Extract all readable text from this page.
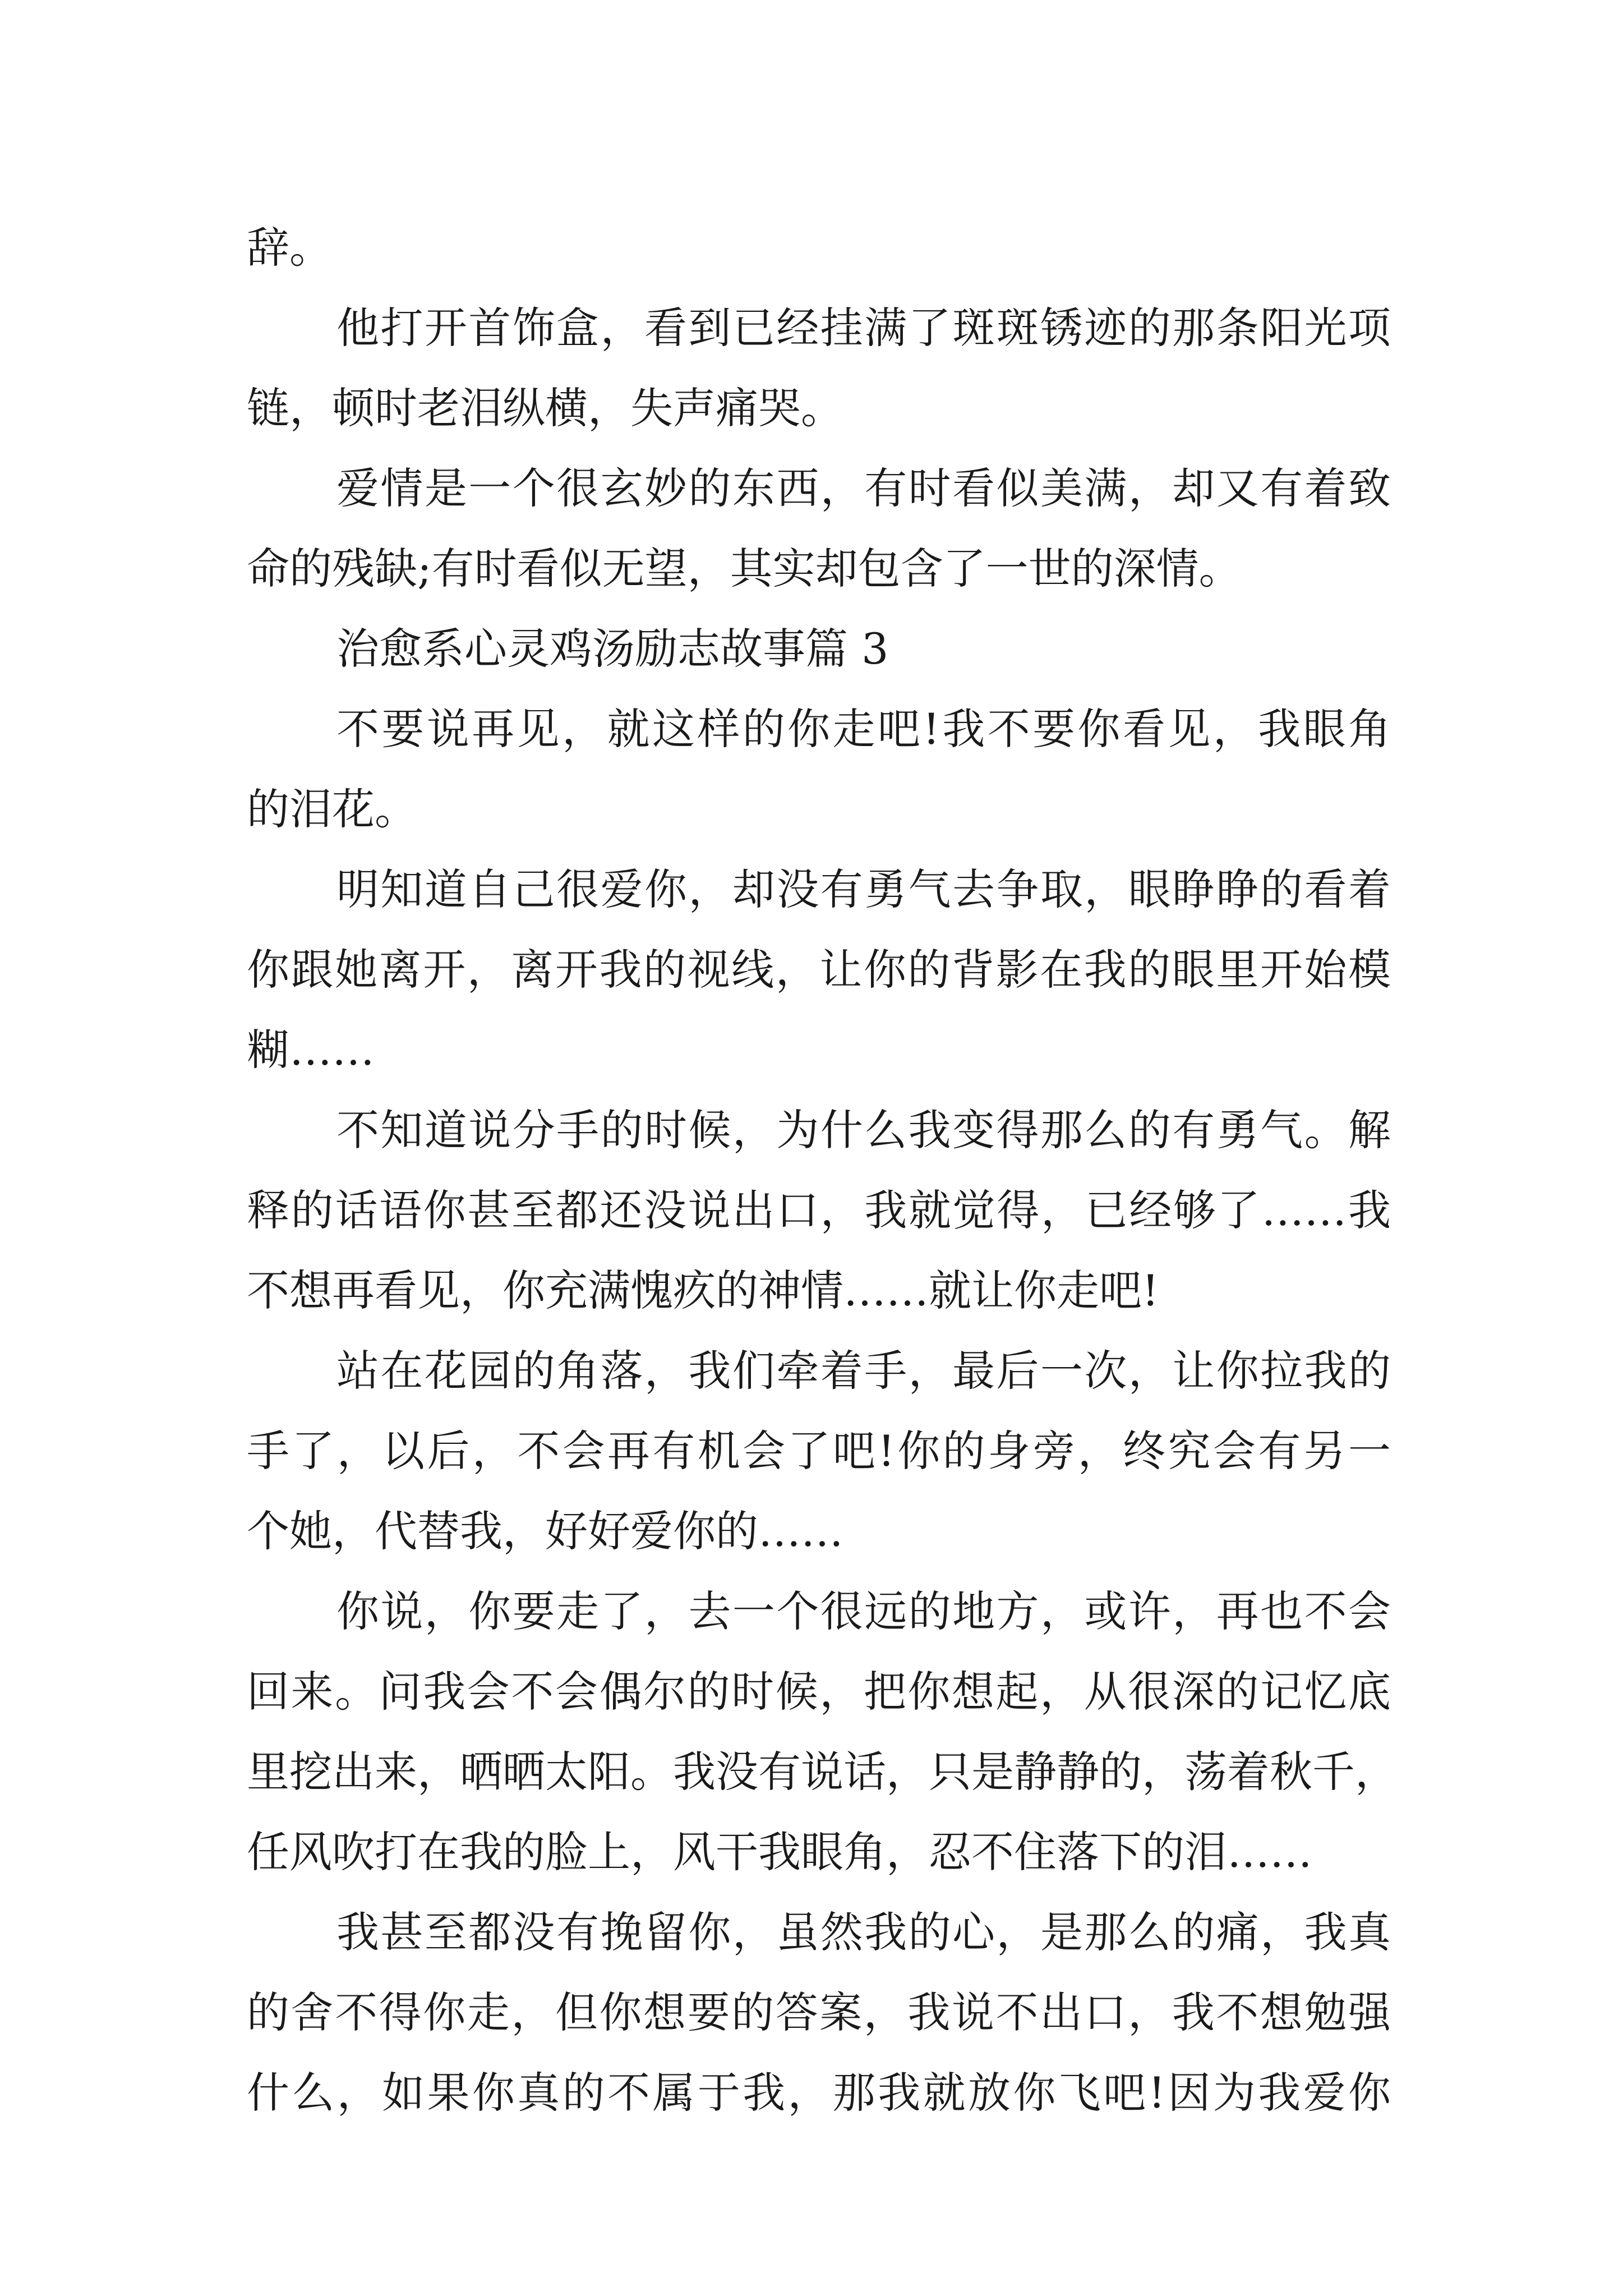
辞。
他打开首饰盒，看到已经挂满了斑斑锈迹的那条阳光项
链，顿时老泪纵横，失声痛哭。
爱情是一个很玄妙的东西，有时看似美满，却又有着致
命的残缺;有时看似无望，其实却包含了一世的深情。
治愈系心灵鸡汤励志故事篇 3
不要说再见，就这样的你走吧!我不要你看见，我眼角
的泪花。
明知道自己很爱你，却没有勇气去争取，眼睁睁的看着
你跟她离开，离开我的视线，让你的背影在我的眼里开始模
糊……
不知道说分手的时候，为什么我变得那么的有勇气。解
释的话语你甚至都还没说出口，我就觉得，已经够了……我
不想再看见，你充满愧疚的神情……就让你走吧!
站在花园的角落，我们牵着手，最后一次，让你拉我的
手了，以后，不会再有机会了吧!你的身旁，终究会有另一
个她，代替我，好好爱你的……
你说，你要走了，去一个很远的地方，或许，再也不会
回来。问我会不会偶尔的时候，把你想起，从很深的记忆底
里挖出来，晒晒太阳。我没有说话，只是静静的，荡着秋千，
任风吹打在我的脸上，风干我眼角，忍不住落下的泪……
我甚至都没有挽留你，虽然我的心，是那么的痛，我真
的舍不得你走，但你想要的答案，我说不出口，我不想勉强
什么，如果你真的不属于我，那我就放你飞吧!因为我爱你
